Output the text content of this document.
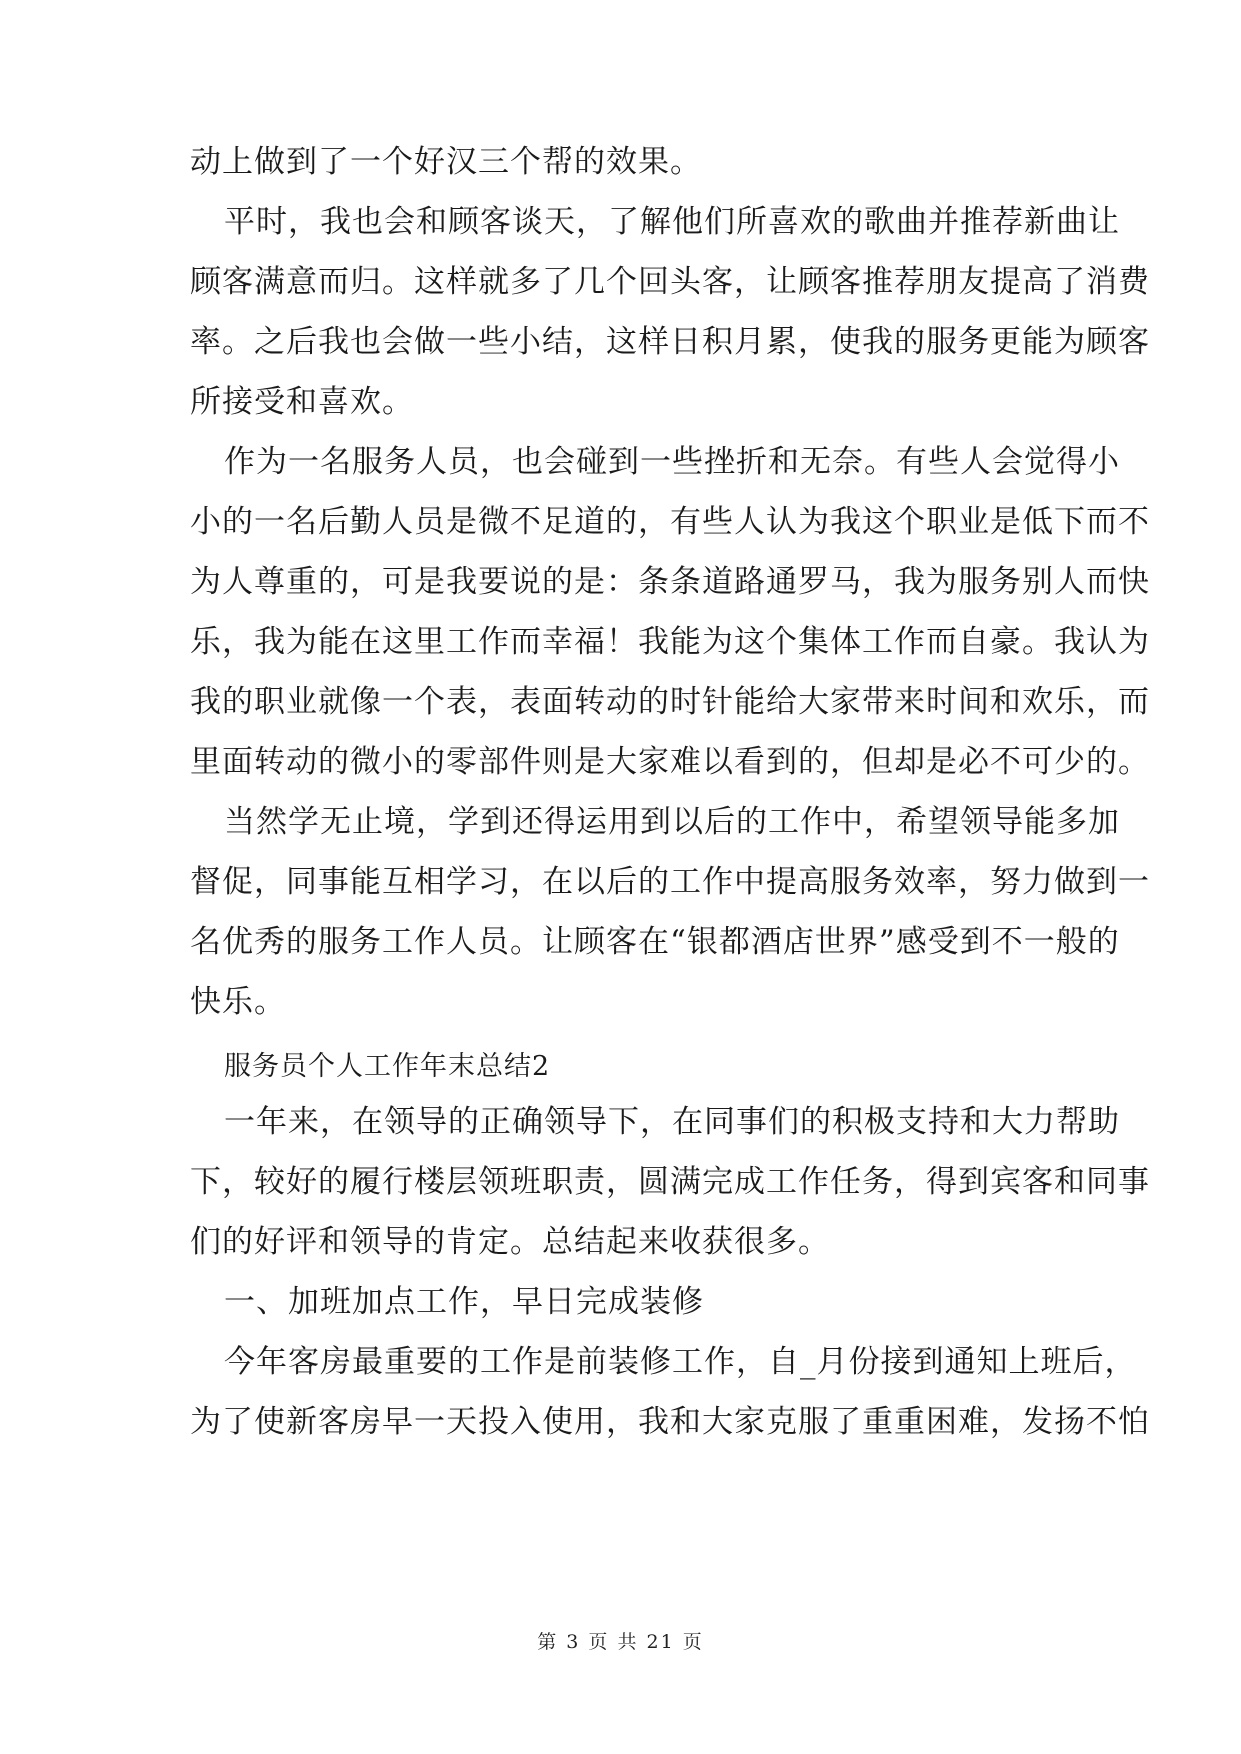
动上做到了一个好汉三个帮的效果。
平时，我也会和顾客谈天，了解他们所喜欢的歌曲并推荐新曲让
顾客满意而归。这样就多了几个回头客，让顾客推荐朋友提高了消费
率。之后我也会做一些小结，这样日积月累，使我的服务更能为顾客
所接受和喜欢。
作为一名服务人员，也会碰到一些挫折和无奈。有些人会觉得小
小的一名后勤人员是微不足道的，有些人认为我这个职业是低下而不
为人尊重的，可是我要说的是：条条道路通罗马，我为服务别人而快
乐，我为能在这里工作而幸福！我能为这个集体工作而自豪。我认为
我的职业就像一个表，表面转动的时针能给大家带来时间和欢乐，而
里面转动的微小的零部件则是大家难以看到的，但却是必不可少的。
当然学无止境，学到还得运用到以后的工作中，希望领导能多加
督促，同事能互相学习，在以后的工作中提高服务效率，努力做到一
名优秀的服务工作人员。让顾客在“银都酒店世界”感受到不一般的
快乐。
服务员个人工作年末总结2
一年来，在领导的正确领导下，在同事们的积极支持和大力帮助
下，较好的履行楼层领班职责，圆满完成工作任务，得到宾客和同事
们的好评和领导的肯定。总结起来收获很多。
一、加班加点工作，早日完成装修
今年客房最重要的工作是前装修工作，自_月份接到通知上班后，
为了使新客房早一天投入使用，我和大家克服了重重困难，发扬不怕
第 3 页 共 21 页
